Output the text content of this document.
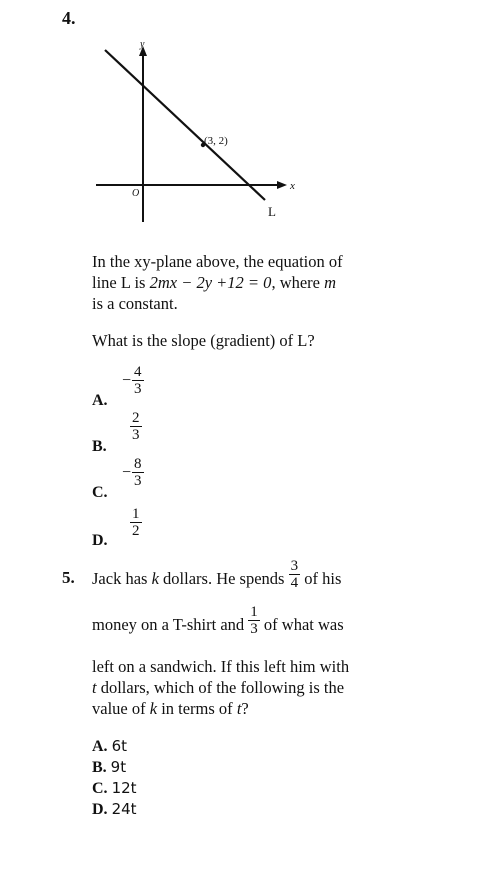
4.
y
x
O
(3, 2)
L
In the xy-plane above, the equation of
line L is 2mx − 2y +12 = 0, where m
is a constant.
What is the slope (gradient) of L?
A.
− $\frac{4}{3}$
B.
$\frac{2}{3}$
C.
− $\frac{8}{3}$
D.
$\frac{1}{2}$
5. Jack has k dollars. He spends $\frac{3}{4}$ of his
money on a T-shirt and $\frac{1}{3}$ of what was
left on a sandwich. If this left him with
t dollars, which of the following is the
value of k in terms of t?
A. 6t
B. 9t
C. 12t
D. 24t
